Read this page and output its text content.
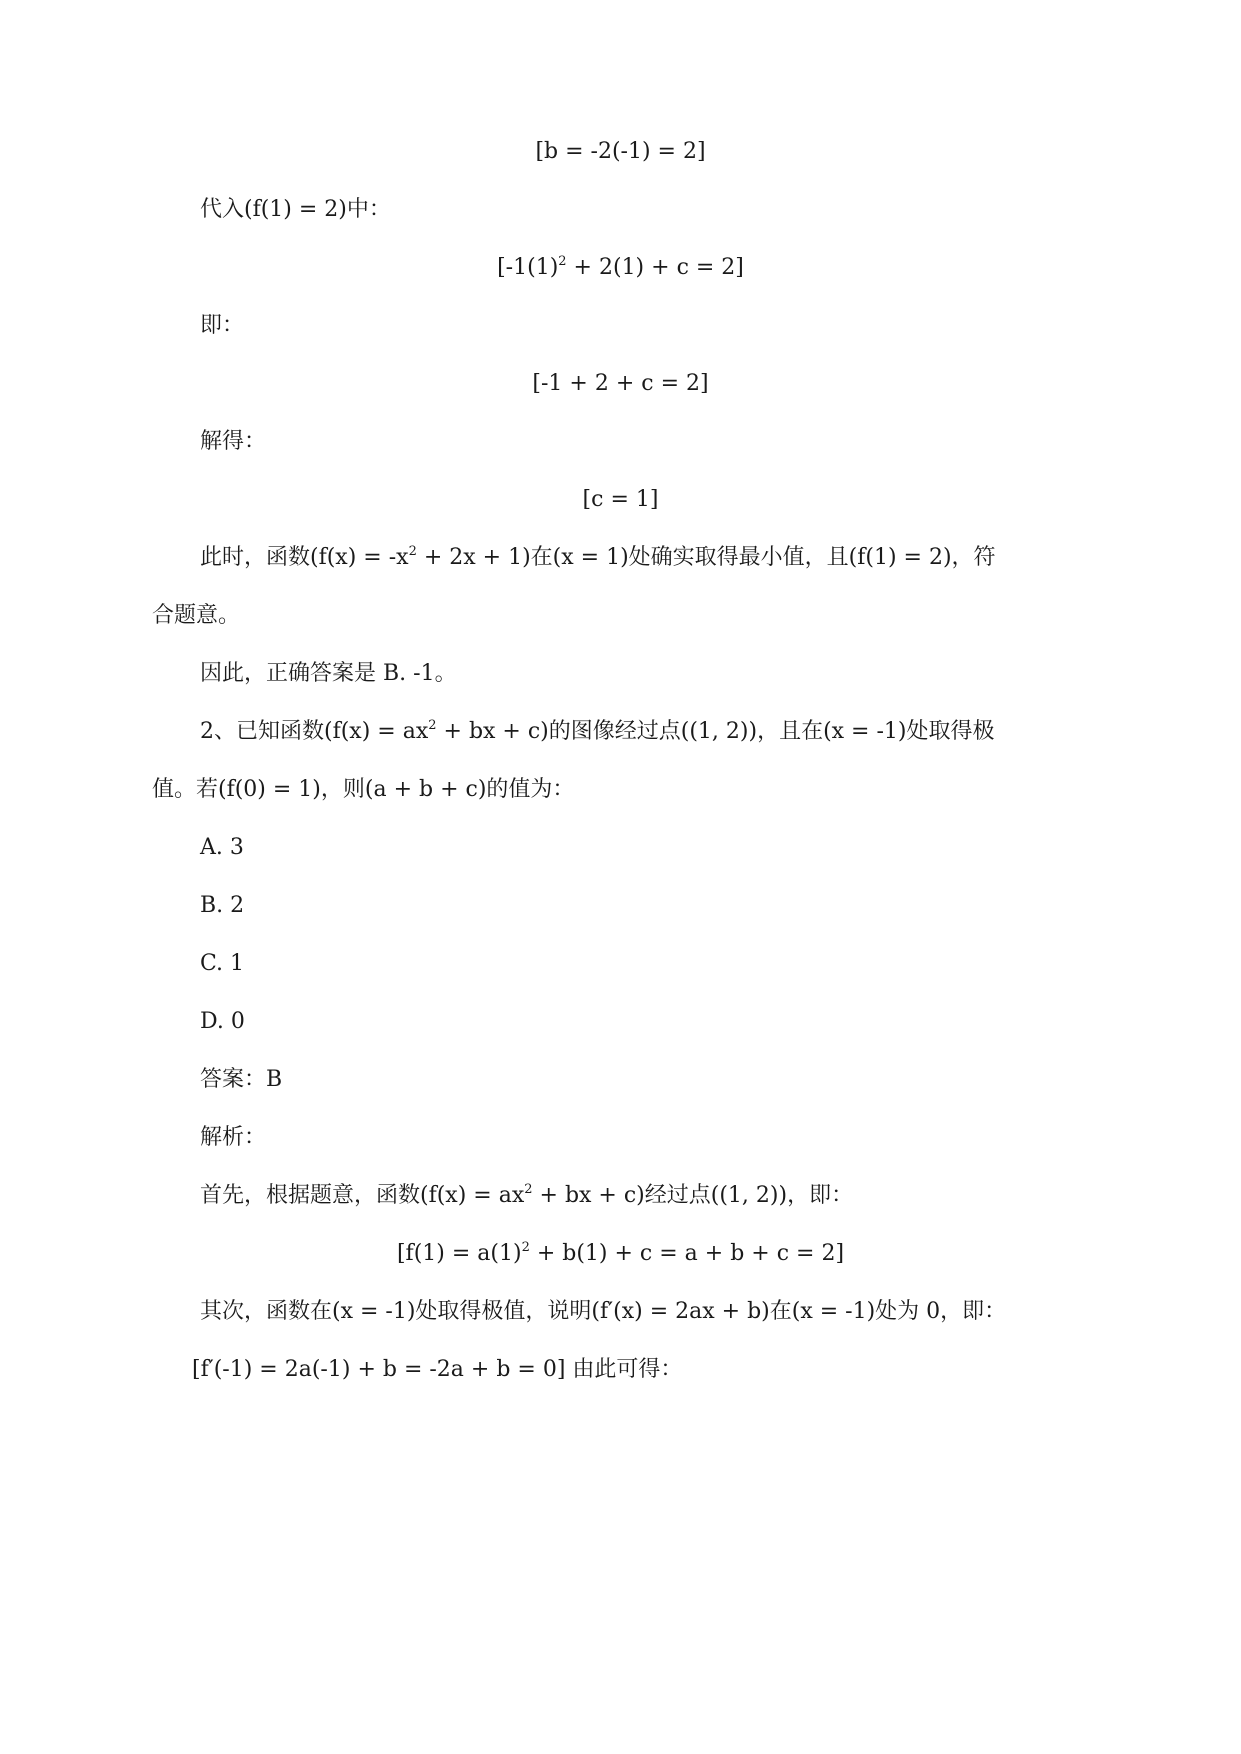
[b = -2(-1) = 2]
代入(f(1) = 2)中：
$[-1(1)^2 + 2(1) + c = 2]$
即：
[-1 + 2 + c = 2]
解得：
[c = 1]
此时，函数$(f(x) = -x^2 + 2x + 1)$在(x = 1)处确实取得最小值，且(f(1) = 2)，符
合题意。
因此，正确答案是 B. -1。
2、已知函数($f(x) = ax^2$ + bx + c)的图像经过点((1, 2))，且在(x = -1)处取得极
值。若(f(0) = 1)，则(a + b + c)的值为：
A. 3
B. 2
C. 1
D. 0
答案：B
解析：
首先，根据题意，函数($f(x) = ax^2$ + bx + c)经过点((1, 2))，即：
$[f(1) = a(1)^2 + b(1) + c = a + b + c = 2]$
其次，函数在(x = -1)处取得极值，说明(f′(x) = 2ax + b)在(x = -1)处为 0，即：
[f′(-1) = 2a(-1) + b = -2a + b = 0] 由此可得：
